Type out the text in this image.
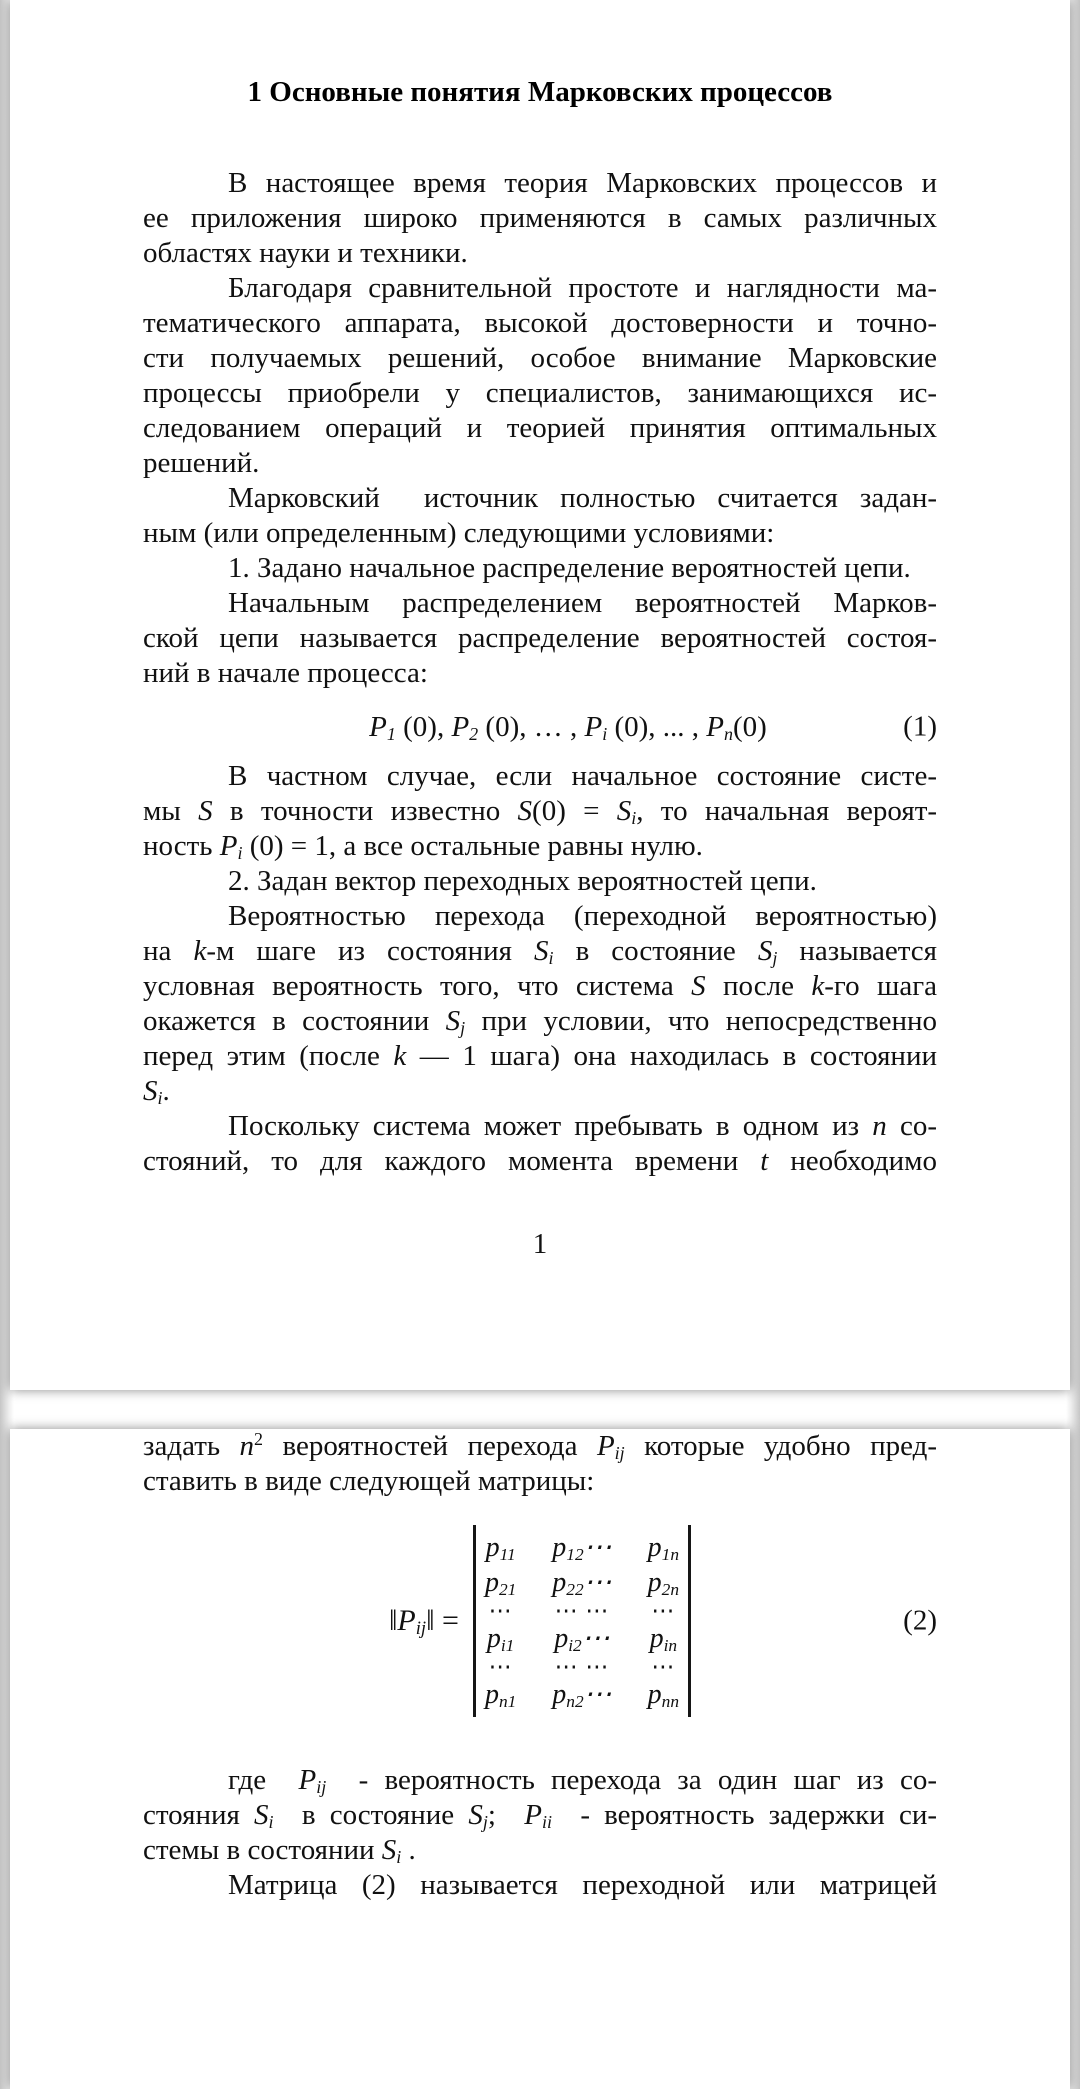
1 Основные понятия Марковских процессов
В настоящее время теория Марковских процессов и
ее приложения широко применяются в самых различных
областях науки и техники.
Благодаря сравнительной простоте и наглядности ма-
тематического аппарата, высокой достоверности и точно-
сти получаемых решений, особое внимание Марковские
процессы приобрели у специалистов, занимающихся ис-
следованием операций и теорией принятия оптимальных
решений.
Марковский  источник полностью считается задан-
ным (или определенным) следующими условиями:
1. Задано начальное распределение вероятностей цепи.
Начальным  распределением  вероятностей  Марков-
ской цепи называется распределение вероятностей состоя-
ний в начале процесса:
$P_1$ (0), $P_2$ (0), … , $P_i$ (0), ... , $P_n(0)$	(1)
В частном случае, если начальное состояние систе-
мы S в точности известно $S(0) = S_i$, то начальная вероят-
ность $P_i$ (0) = 1, а все остальные равны нулю.
2. Задан вектор переходных вероятностей цепи.
Вероятностью перехода (переходной вероятностью)
на k-м шаге из состояния $S_i$ в состояние $S_j$ называется
условная вероятность того, что система S после k-го шага
окажется в состоянии $S_j$ при условии, что непосредственно
перед этим (после k — 1 шага) она находилась в состоянии
$S_i$.
Поскольку система может пребывать в одном из n со-
стояний, то для каждого момента времени t необходимо
1
задать $n^2$ вероятностей перехода $P_{ij}$ которые удобно пред-
ставить в виде следующей матрицы:
$‖P_{ij}‖$ =
$p_{11}$ $p_{12}\cdots$ $p_{1n}$
$p_{21}$ $p_{22}\cdots$ $p_{2n}$
⋯ ⋯ ⋯ ⋯
$p_{i1}$ $p_{i2}\cdots$ $p_{in}$
⋯ ⋯ ⋯ ⋯
$p_{n1}$ $p_{n2}\cdots$ $p_{nn}$
(2)
где  $P_{ij}$  - вероятность перехода за один шаг из со-
стояния $S_i$  в состояние $S_j$;  $P_{ii}$  - вероятность задержки си-
стемы в состоянии $S_i$ .
Матрица (2) называется переходной или матрицей
